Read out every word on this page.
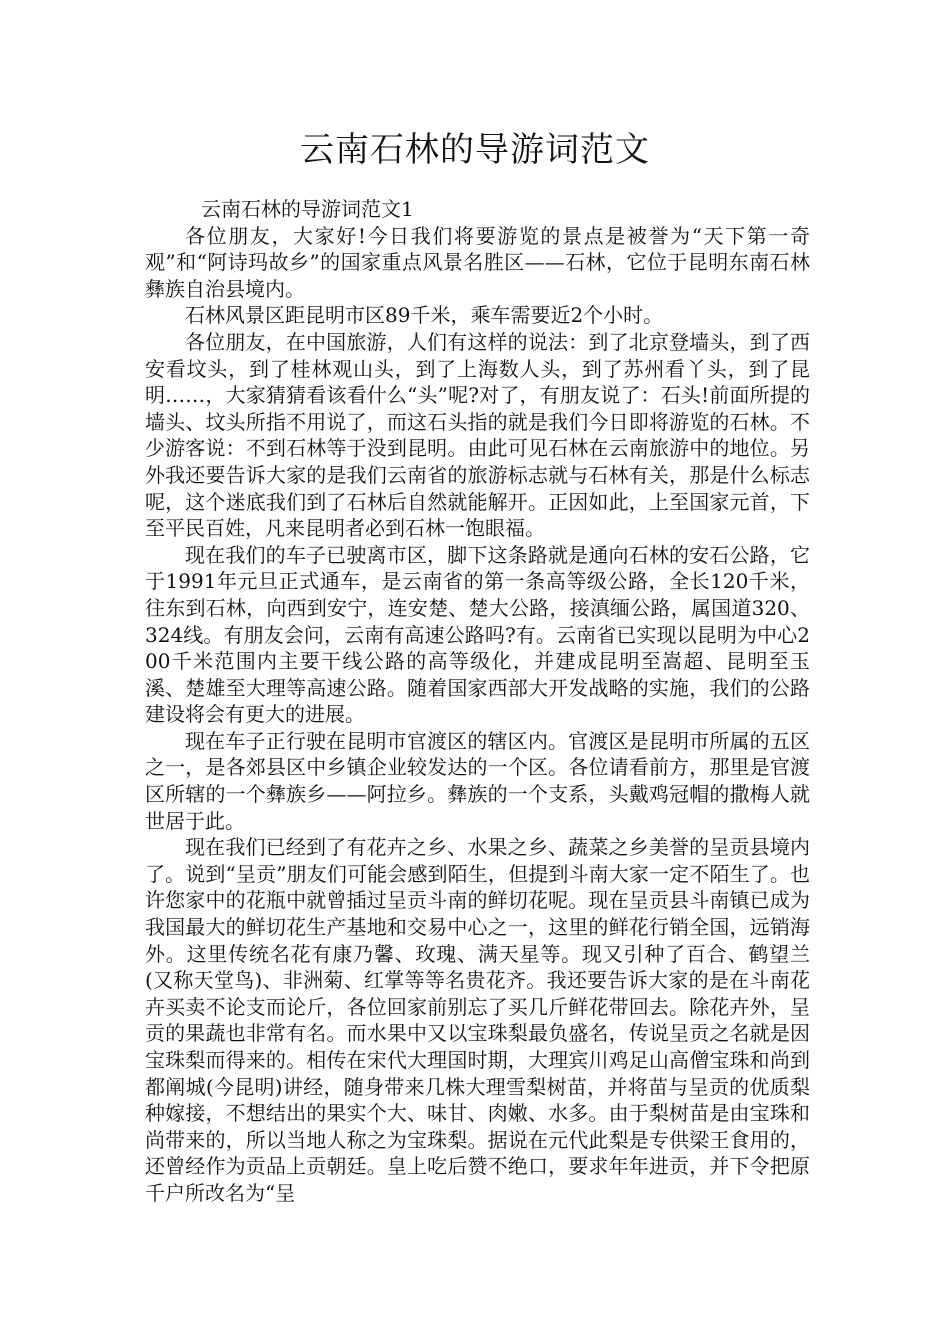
云南石林的导游词范文

云南石林的导游词范文1

各位朋友，大家好!今日我们将要游览的景点是被誉为“天下第一奇观”和“阿诗玛故乡”的国家重点风景名胜区——石林，它位于昆明东南石林彝族自治县境内。

石林风景区距昆明市区89千米，乘车需要近2个小时。

各位朋友，在中国旅游，人们有这样的说法：到了北京登墙头，到了西安看坟头，到了桂林观山头，到了上海数人头，到了苏州看丫头，到了昆明……，大家猜猜看该看什么“头”呢?对了，有朋友说了：石头!前面所提的墙头、坟头所指不用说了，而这石头指的就是我们今日即将游览的石林。不少游客说：不到石林等于没到昆明。由此可见石林在云南旅游中的地位。另外我还要告诉大家的是我们云南省的旅游标志就与石林有关，那是什么标志呢，这个迷底我们到了石林后自然就能解开。正因如此，上至国家元首，下至平民百姓，凡来昆明者必到石林一饱眼福。

现在我们的车子已驶离市区，脚下这条路就是通向石林的安石公路，它于1991年元旦正式通车，是云南省的第一条高等级公路，全长120千米，往东到石林，向西到安宁，连安楚、楚大公路，接滇缅公路，属国道320、324线。有朋友会问，云南有高速公路吗?有。云南省已实现以昆明为中心200千米范围内主要干线公路的高等级化，并建成昆明至嵩超、昆明至玉溪、楚雄至大理等高速公路。随着国家西部大开发战略的实施，我们的公路建设将会有更大的进展。

现在车子正行驶在昆明市官渡区的辖区内。官渡区是昆明市所属的五区之一，是各郊县区中乡镇企业较发达的一个区。各位请看前方，那里是官渡区所辖的一个彝族乡——阿拉乡。彝族的一个支系，头戴鸡冠帽的撒梅人就世居于此。

现在我们已经到了有花卉之乡、水果之乡、蔬菜之乡美誉的呈贡县境内了。说到“呈贡”朋友们可能会感到陌生，但提到斗南大家一定不陌生了。也许您家中的花瓶中就曾插过呈贡斗南的鲜切花呢。现在呈贡县斗南镇已成为我国最大的鲜切花生产基地和交易中心之一，这里的鲜花行销全国，远销海外。这里传统名花有康乃馨、玫瑰、满天星等。现又引种了百合、鹤望兰(又称天堂鸟)、非洲菊、红掌等等名贵花齐。我还要告诉大家的是在斗南花卉买卖不论支而论斤，各位回家前别忘了买几斤鲜花带回去。除花卉外，呈贡的果蔬也非常有名。而水果中又以宝珠梨最负盛名，传说呈贡之名就是因宝珠梨而得来的。相传在宋代大理国时期，大理宾川鸡足山高僧宝珠和尚到都阐城(今昆明)讲经，随身带来几株大理雪梨树苗，并将苗与呈贡的优质梨种嫁接，不想结出的果实个大、味甘、肉嫩、水多。由于梨树苗是由宝珠和尚带来的，所以当地人称之为宝珠梨。据说在元代此梨是专供梁王食用的，还曾经作为贡品上贡朝廷。皇上吃后赞不绝口，要求年年进贡，并下令把原千户所改名为“呈
